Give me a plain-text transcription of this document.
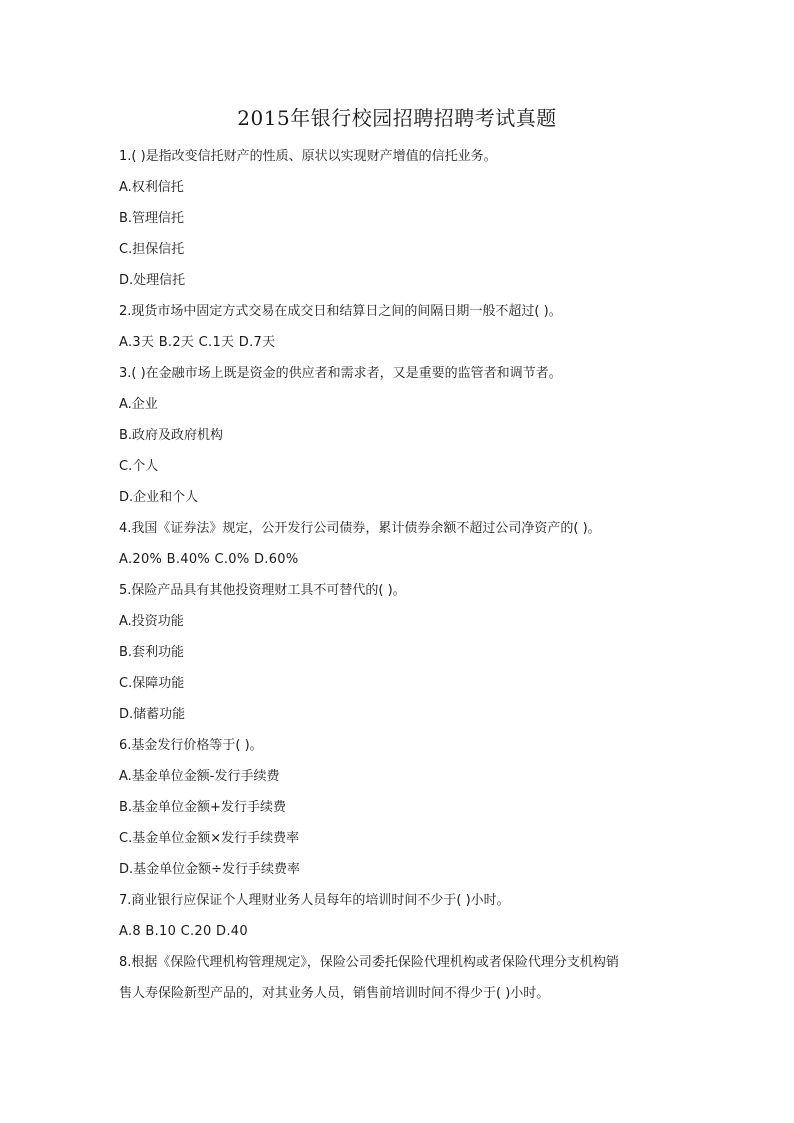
2015年银行校园招聘招聘考试真题
1.( )是指改变信托财产的性质、原状以实现财产增值的信托业务。
A.权利信托
B.管理信托
C.担保信托
D.处理信托
2.现货市场中固定方式交易在成交日和结算日之间的间隔日期一般不超过( )。
A.3天 B.2天 C.1天 D.7天
3.( )在金融市场上既是资金的供应者和需求者，又是重要的监管者和调节者。
A.企业
B.政府及政府机构
C.个人
D.企业和个人
4.我国《证券法》规定，公开发行公司债券，累计债券余额不超过公司净资产的( )。
A.20% B.40% C.0% D.60%
5.保险产品具有其他投资理财工具不可替代的( )。
A.投资功能
B.套利功能
C.保障功能
D.储蓄功能
6.基金发行价格等于( )。
A.基金单位金额-发行手续费
B.基金单位金额+发行手续费
C.基金单位金额×发行手续费率
D.基金单位金额÷发行手续费率
7.商业银行应保证个人理财业务人员每年的培训时间不少于( )小时。
A.8 B.10 C.20 D.40
8.根据《保险代理机构管理规定》，保险公司委托保险代理机构或者保险代理分支机构销
售人寿保险新型产品的，对其业务人员，销售前培训时间不得少于( )小时。
